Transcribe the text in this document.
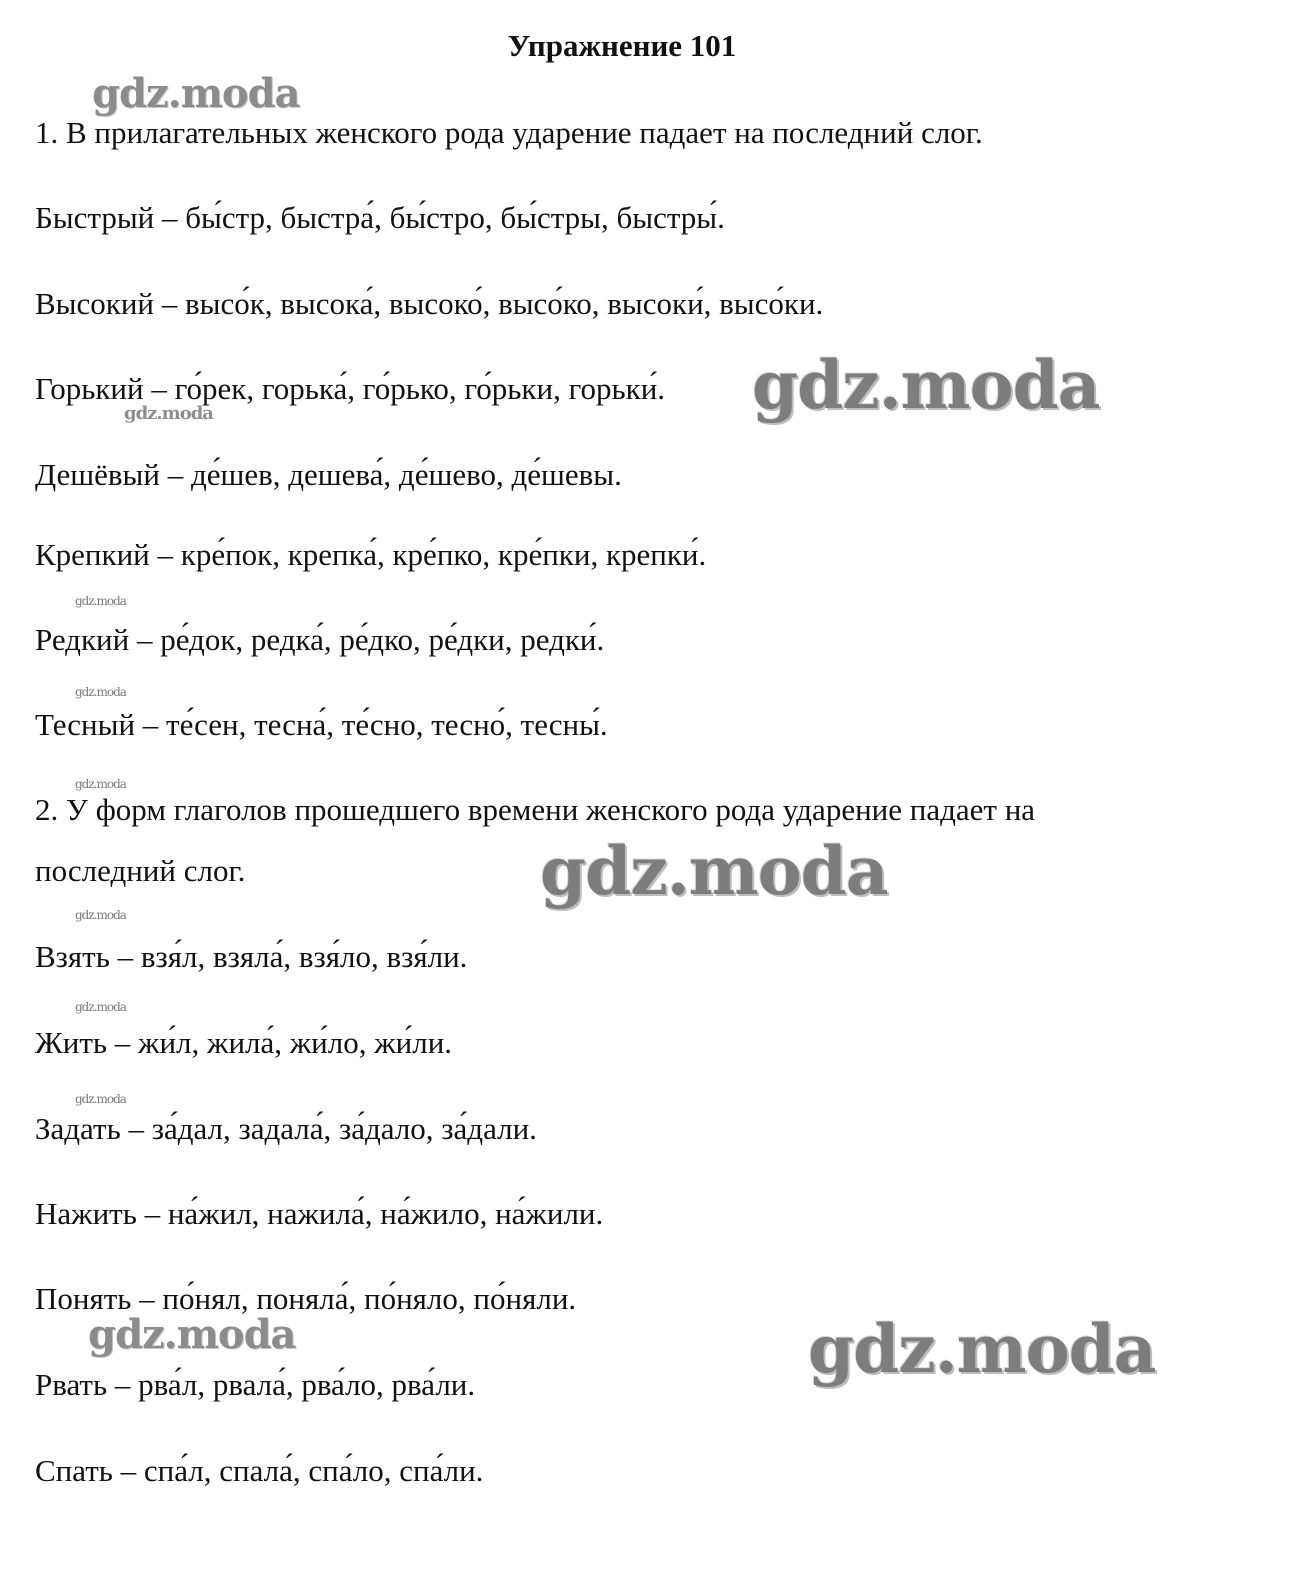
Упражнение 101
1. В прилагательных женского рода ударение падает на последний слог.
Быстрый – бы́стр, быстра́, бы́стро, бы́стры, быстры́.
Высокий – высо́к, высока́, высоко́, высо́ко, высоки́, высо́ки.
Горький – го́рек, горька́, го́рько, го́рьки, горьки́.
Дешёвый – де́шев, дешева́, де́шево, де́шевы.
Крепкий – кре́пок, крепка́, кре́пко, кре́пки, крепки́.
Редкий – ре́док, редка́, ре́дко, ре́дки, редки́.
Тесный – те́сен, тесна́, те́сно, тесно́, тесны́.
2. У форм глаголов прошедшего времени женского рода ударение падает на
последний слог.
Взять – взя́л, взяла́, взя́ло, взя́ли.
Жить – жи́л, жила́, жи́ло, жи́ли.
Задать – за́дал, задала́, за́дало, за́дали.
Нажить – на́жил, нажила́, на́жило, на́жили.
Понять – по́нял, поняла́, по́няло, по́няли.
Рвать – рва́л, рвала́, рва́ло, рва́ли.
Спать – спа́л, спала́, спа́ло, спа́ли.
gdz.moda
gdz.moda
gdz.moda
gdz.moda
gdz.moda
gdz.moda
gdz.moda
gdz.moda
gdz.moda
gdz.moda
gdz.moda	gdz.moda
